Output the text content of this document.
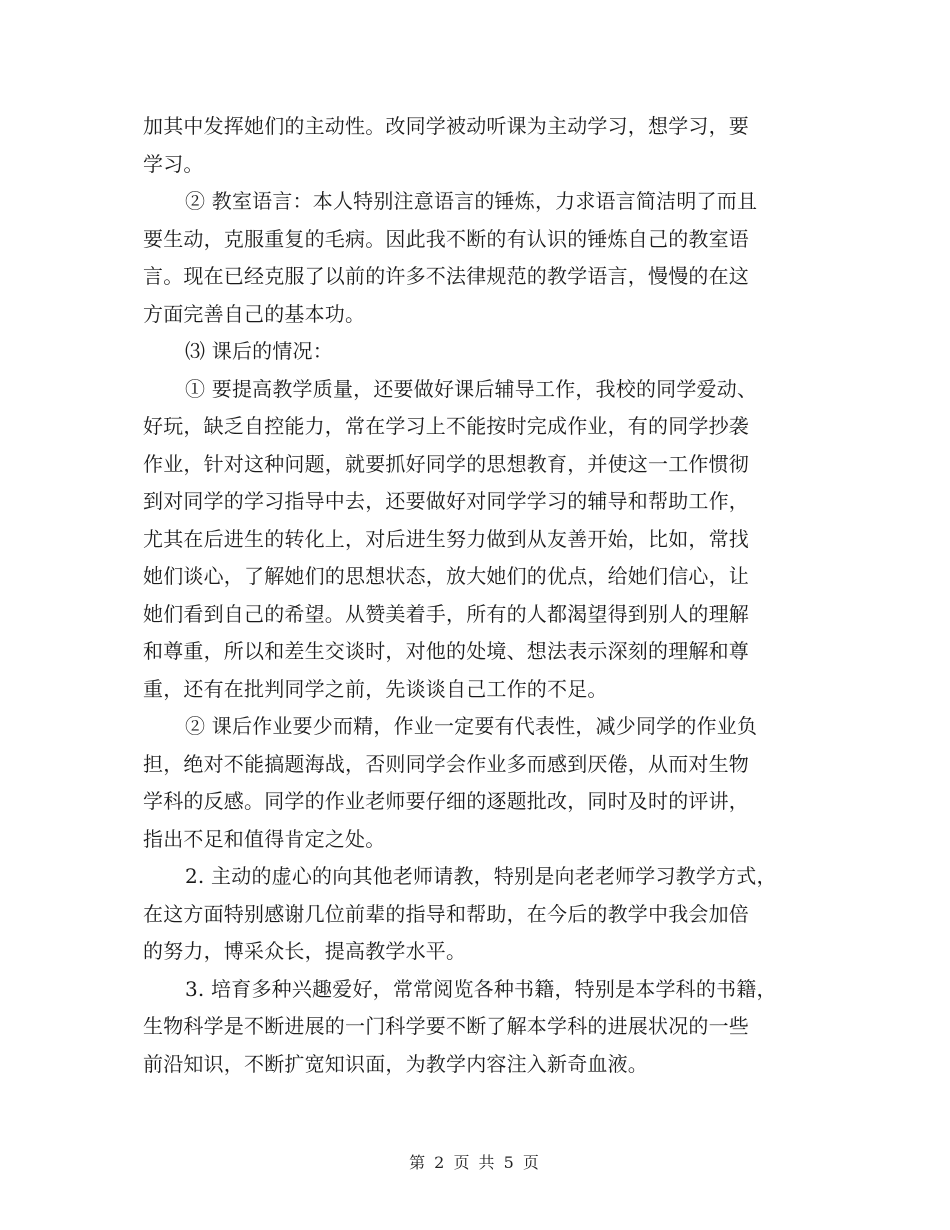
加其中发挥她们的主动性。改同学被动听课为主动学习，想学习，要
学习。
② 教室语言：本人特别注意语言的锤炼，力求语言简洁明了而且
要生动，克服重复的毛病。因此我不断的有认识的锤炼自己的教室语
言。现在已经克服了以前的许多不法律规范的教学语言，慢慢的在这
方面完善自己的基本功。
⑶ 课后的情况：
① 要提高教学质量，还要做好课后辅导工作，我校的同学爱动、
好玩，缺乏自控能力，常在学习上不能按时完成作业，有的同学抄袭
作业，针对这种问题，就要抓好同学的思想教育，并使这一工作惯彻
到对同学的学习指导中去，还要做好对同学学习的辅导和帮助工作，
尤其在后进生的转化上，对后进生努力做到从友善开始，比如，常找
她们谈心，了解她们的思想状态，放大她们的优点，给她们信心，让
她们看到自己的希望。从赞美着手，所有的人都渴望得到别人的理解
和尊重，所以和差生交谈时，对他的处境、想法表示深刻的理解和尊
重，还有在批判同学之前，先谈谈自己工作的不足。
② 课后作业要少而精，作业一定要有代表性，减少同学的作业负
担，绝对不能搞题海战，否则同学会作业多而感到厌倦，从而对生物
学科的反感。同学的作业老师要仔细的逐题批改，同时及时的评讲，
指出不足和值得肯定之处。
2. 主动的虚心的向其他老师请教，特别是向老老师学习教学方式，
在这方面特别感谢几位前辈的指导和帮助，在今后的教学中我会加倍
的努力，博采众长，提高教学水平。
3. 培育多种兴趣爱好，常常阅览各种书籍，特别是本学科的书籍，
生物科学是不断进展的一门科学要不断了解本学科的进展状况的一些
前沿知识，不断扩宽知识面，为教学内容注入新奇血液。
第 2 页 共 5 页
